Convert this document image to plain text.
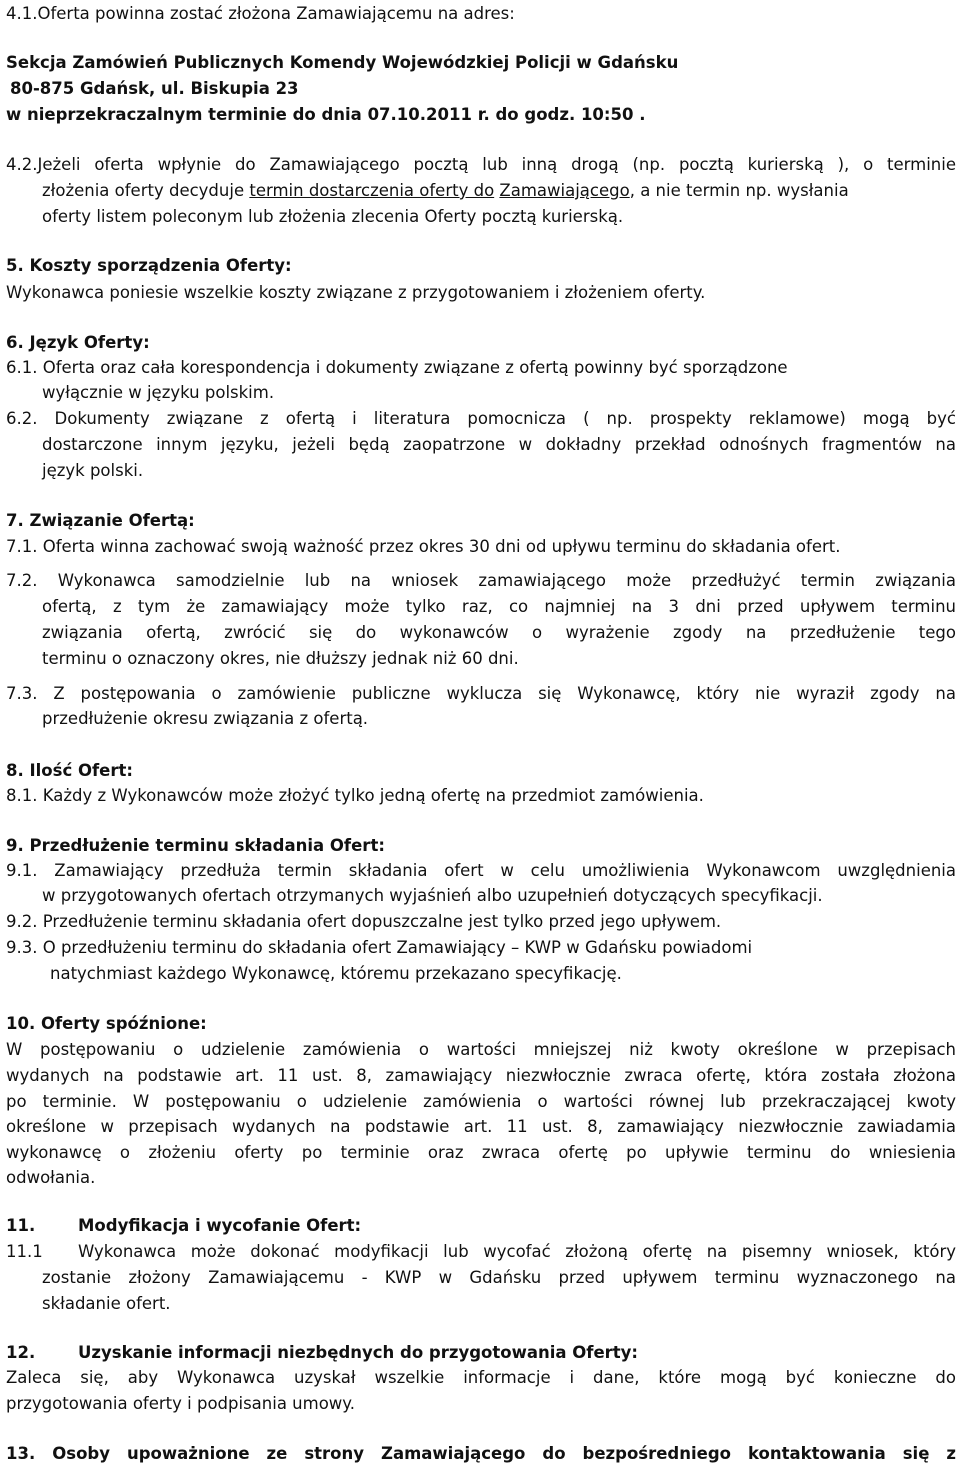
4.1.Oferta powinna zostać złożona Zamawiającemu na adres:
Sekcja Zamówień Publicznych Komendy Wojewódzkiej Policji w Gdańsku
80-875 Gdańsk, ul. Biskupia 23
w nieprzekraczalnym terminie do dnia 07.10.2011 r. do godz. 10:50 .
4.2.Jeżeli oferta wpłynie do Zamawiającego pocztą lub inną drogą (np. pocztą kurierską ), o terminie
złożenia oferty decyduje termin dostarczenia oferty do Zamawiającego, a nie termin np. wysłania
oferty listem poleconym lub złożenia zlecenia Oferty pocztą kurierską.
5. Koszty sporządzenia Oferty:
Wykonawca poniesie wszelkie koszty związane z przygotowaniem i złożeniem oferty.
6. Język Oferty:
6.1. Oferta oraz cała korespondencja i dokumenty związane z ofertą powinny być sporządzone
wyłącznie w języku polskim.
6.2. Dokumenty związane z ofertą i literatura pomocnicza ( np. prospekty reklamowe) mogą być
dostarczone innym języku, jeżeli będą zaopatrzone w dokładny przekład odnośnych fragmentów na
język polski.
7. Związanie Ofertą:
7.1. Oferta winna zachować swoją ważność przez okres 30 dni od upływu terminu do składania ofert.
7.2. Wykonawca samodzielnie lub na wniosek zamawiającego może przedłużyć termin związania
ofertą, z tym że zamawiający może tylko raz, co najmniej na 3 dni przed upływem terminu
związania ofertą, zwrócić się do wykonawców o wyrażenie zgody na przedłużenie tego
terminu o oznaczony okres, nie dłuższy jednak niż 60 dni.
7.3. Z postępowania o zamówienie publiczne wyklucza się Wykonawcę, który nie wyraził zgody na
przedłużenie okresu związania z ofertą.
8. Ilość Ofert:
8.1. Każdy z Wykonawców może złożyć tylko jedną ofertę na przedmiot zamówienia.
9. Przedłużenie terminu składania Ofert:
9.1. Zamawiający przedłuża termin składania ofert w celu umożliwienia Wykonawcom uwzględnienia
w przygotowanych ofertach otrzymanych wyjaśnień albo uzupełnień dotyczących specyfikacji.
9.2. Przedłużenie terminu składania ofert dopuszczalne jest tylko przed jego upływem.
9.3. O przedłużeniu terminu do składania ofert Zamawiający – KWP w Gdańsku powiadomi
natychmiast każdego Wykonawcę, któremu przekazano specyfikację.
10. Oferty spóźnione:
W postępowaniu o udzielenie zamówienia o wartości mniejszej niż kwoty określone w przepisach
wydanych na podstawie art. 11 ust. 8, zamawiający niezwłocznie zwraca ofertę, która została złożona
po terminie. W postępowaniu o udzielenie zamówienia o wartości równej lub przekraczającej kwoty
określone w przepisach wydanych na podstawie art. 11 ust. 8, zamawiający niezwłocznie zawiadamia
wykonawcę o złożeniu oferty po terminie oraz zwraca ofertę po upływie terminu do wniesienia
odwołania.
11.	Modyfikacja i wycofanie Ofert:
11.1 Wykonawca może dokonać modyfikacji lub wycofać złożoną ofertę na pisemny wniosek, który
zostanie złożony Zamawiającemu - KWP w Gdańsku przed upływem terminu wyznaczonego na
składanie ofert.
12.	Uzyskanie informacji niezbędnych do przygotowania Oferty:
Zaleca się, aby Wykonawca uzyskał wszelkie informacje i dane, które mogą być konieczne do
przygotowania oferty i podpisania umowy.
13. Osoby upoważnione ze strony Zamawiającego do bezpośredniego kontaktowania się z
